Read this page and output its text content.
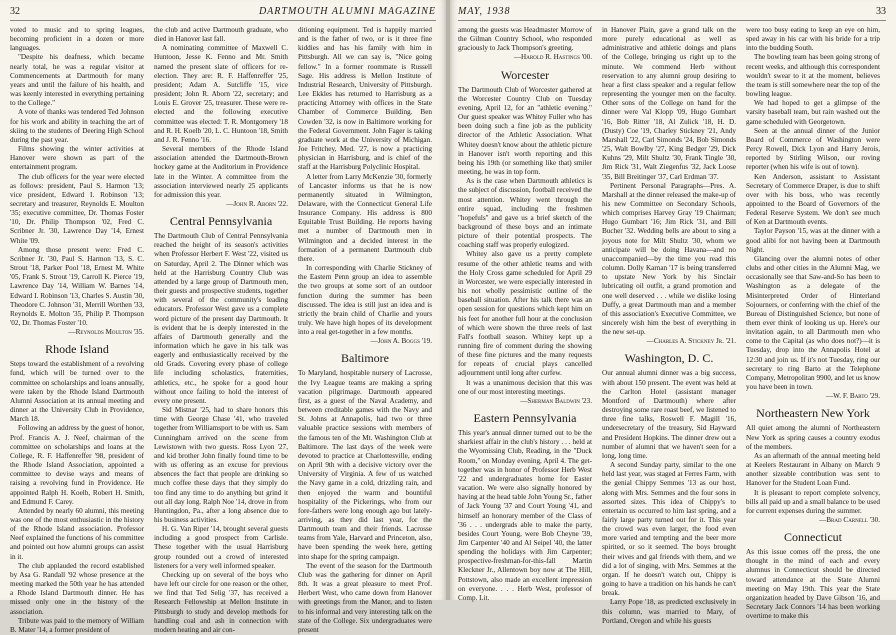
32	DARTMOUTH ALUMNI MAGAZINE

voted to music and to spring leagues, becoming proficient in a dozen or more languages.

"Despite his deafness, which became nearly total, he was a regular visitor at Commencements at Dartmouth for many years and until the failure of his health, and was keenly interested in everything pertaining to the College."

A vote of thanks was tendered Ted Johnson for his work and ability in teaching the art of skiing to the students of Deering High School during the past year.

Films showing the winter activities at Hanover were shown as part of the entertainment program.

The club officers for the year were elected as follows: president, Paul S. Harmon '13; vice president, Edward I. Robinson '13; secretary and treasurer, Reynolds E. Moulton '35; executive committee, Dr. Thomas Foster '10, Dr. Philip Thompson '02, Fred C. Scribner Jr. '30, Lawrence Day '14, Ernest White '09.

Among those present were: Fred C. Scribner Jr. '30, Paul S. Harmon '13, S. C. Strout '18, Parker Pool '18, Ernest M. White '05, Frank S. Strout '19, Carroll K. Pierce '19, Lawrence Day '14, William W. Barnes '14, Edward I. Robinson '13, Charles S. Austin '30, Theodore C. Johnson '31, Merrill Worthen '33, Reynolds E. Molton '35, Philip P. Thompson '02, Dr. Thomas Foster '10.

—Reynolds Moulton '35.

Rhode Island

Steps toward the establishment of a revolving fund, which will be turned over to the committee on scholarships and loans annually, were taken by the Rhode Island Dartmouth Alumni Association at its annual meeting and dinner at the University Club in Providence, March 18.

Following an address by the guest of honor, Prof. Francis A. J. Neef, chairman of the committee on scholarships and loans at the College, R. F. Haffenreffer '98, president of the Rhode Island Association, appointed a committee to devise ways and means of raising a revolving fund in Providence. He appointed Ralph H. Koelb, Robert H. Smith, and Edmund F. Carey.

Attended by nearly 60 alumni, this meeting was one of the most enthusiastic in the history of the Rhode Island association. Professor Neef explained the functions of his committee and pointed out how alumni groups can assist in it.

The club applauded the record established by Asa G. Randall '92 whose presence at the meeting marked the 50th year he has attended a Rhode Island Dartmouth dinner. He has missed only one in the history of the association.

Tribute was paid to the memory of William B. Mater '14, a former president of

the club and active Dartmouth graduate, who died in Hanover last fall.

A nominating committee of Maxwell C. Huntoon, Jesse K. Fenno and Mr. Smith named the present slate of officers for re-election. They are: R. F. Haffenreffer '25, president; Adam A. Sutcliffe '15, vice president; John R. Aborn '22, secretary; and Louis E. Grover '25, treasurer. These were re-elected and the following executive committee was elected: T. R. Montgomery '18 and R. H. Koelb '20, L. C. Huntoon '18, Smith and J. R. Fenno '16.

Several members of the Rhode Island association attended the Dartmouth-Brown hockey game at the Auditorium in Providence late in the Winter. A committee from the association interviewed nearly 25 applicants for admission this year.

—John R. Aborn '22.

Central Pennsylvania

The Dartmouth Club of Central Pennsylvania reached the height of its season's activities when Professor Herbert F. West '22, visited us on Saturday, April 2. The Dinner which was held at the Harrisburg Country Club was attended by a large group of Dartmouth men, their guests and prospective students, together with several of the community's leading educators. Professor West gave us a complete word picture of the present day Dartmouth. It is evident that he is deeply interested in the affairs of Dartmouth generally and the information which he gave in his talk was eagerly and enthusiastically received by the old Grads. Covering every phase of college life including scholastics, fraternities, athletics, etc., he spoke for a good hour without once failing to hold the interest of every one present.

Sid Mistnar '25, had to share honors this time with George Chase '41, who traveled together from Williamsport to be with us. Sam Cunningham arrived on the scene from Lewistown with two guests. Ross Lyon '27, and kid brother John finally found time to be with us offering as an excuse for previous absences the fact that people are drinking so much coffee these days that they simply do too find any time to do anything but grind it out all day long. Ralph Noe '14, drove in from Huntingdon, Pa., after a long absence due to his business activities.

H. G. Van Riper '14, brought several guests including a good prospect from Carlisle. These together with the usual Harrisburg group rounded out a crowd of interested listeners for a very well informed speaker.

Checking up on several of the boys who have left our circle for one reason or the other, we find that Ted Selig '37, has received a Research Fellowship at Mellon Institute in Pittsburgh to study and develop methods for handling coal and ash in connection with modern heating and air con-

ditioning equipment. Ted is happily married and is the father of two, or is it three fine kiddies and has his family with him in Pittsburgh. All we can say is, "Nice going fellow." In a former roommate is Russell Sage. His address is Mellon Institute of Industrial Research, University of Pittsburgh. Lee Ekkles has returned to Harrisburg as a practicing Attorney with offices in the State Chamber of Commerce Building. Ben Cowden '32, is now in Baltimore working for the Federal Government. John Fager is taking graduate work at the University of Michigan. Joe Fritchey, Med. '27, is now a practicing physician in Harrisburg, and is chief of the staff at the Harrisburg Polyclinic Hospital.

A letter from Larry McKenzie '30, formerly of Lancaster informs us that he is now permanently situated in Wilmington, Delaware, with the Connecticut General Life Insurance Company. His address is 800 Equitable Trust Building. He reports having met a number of Dartmouth men in Wilmington and a decided interest in the formation of a permanent Dartmouth club there.

In corresponding with Charlie Stickney of the Eastern Penn group an idea to assemble the two groups at some sort of an outdoor function during the summer has been discussed. The idea is still just an idea and is strictly the brain child of Charlie and yours truly. We have high hopes of its development into a real get-together in a few months.

—John A. Boggs '19.

Baltimore

To Maryland, hospitable nursery of Lacrosse, the Ivy League teams are making a spring vacation pilgrimage. Dartmouth appeared first, as a guest of the Naval Academy, and between creditable games with the Navy and St. Johns at Annapolis, had two or three valuable practice sessions with members of the famous ten of the Mt. Washington Club at Baltimore. The last days of the week were devoted to practice at Charlottesville, ending on April 9th with a decisive victory over the University of Virginia. A few of us watched the Navy game in a cold, drizzling rain, and then enjoyed the warm and bountiful hospitality of the Pickerings, who from our fore-fathers were long enough ago but lately-arriving, as they did last year, for the Dartmouth team and their friends. Lacrosse teams from Yale, Harvard and Princeton, also, have been spending the week here, getting into shape for the spring campaign.

The event of the season for the Dartmouth Club was the gathering for dinner on April 8th. It was a great pleasure to meet Prof. Herbert West, who came down from Hanover with greetings from the Manor, and to listen to his informal and very interesting talk on the state of the College. Six undergraduates were present

MAY, 1938	33

among the guests was Headmaster Morrow of the Gilman Country School, who responded graciously to Jack Thompson's greeting.

—Harold R. Hastings '00.

Worcester

The Dartmouth Club of Worcester gathered at the Worcester Country Club on Tuesday evening, April 12, for an "athletic evening." Our guest speaker was Whitey Fuller who has been doing such a fine job as the publicity director of the Athletic Association. What Whitey doesn't know about the athletic picture in Hanover isn't worth reporting and this being his 19th (or something like that) smiler meeting, he was in top form.

As is the case when Dartmouth athletics is the subject of discussion, football received the most attention. Whitey went through the entire squad, including the freshmen "hopefuls" and gave us a brief sketch of the background of these boys and an intimate picture of their potential prospects. The coaching staff was properly eulogized.

Whitey also gave us a pretty complete resume of the other athletic teams and with the Holy Cross game scheduled for April 29 in Worcester, we were especially interested in his not wholly pessimistic outline of the baseball situation. After his talk there was an open session for questions which kept him on his feet for another full hour at the conclusion of which were shown the three reels of last Fall's football season. Whitey kept up a running fire of comment during the showing of these fine pictures and the many requests for repeats of crucial plays cancelled adjournment until long after curfew.

It was a unanimous decision that this was one of our most interesting meetings.

—Sherman Baldwin '23.

Eastern Pennsylvania

This year's annual dinner turned out to be the sharkiest affair in the club's history . . . held at the Wyomissing Club, Reading, in the "Duck Room," on Monday evening, April 4. The get-together was in honor of Professor Herb West '22 and undergraduates home for Easter vacation. We were also signally honored by having at the head table John Young Sr., father of Jack Young '37 and Court Young '41, and himself an honorary member of the Class of '36 . . . undergrads able to make the party, besides Court Young, were Bob Cheyne '39, Jim Carpenter '40 and Al Seipel '40, the latter spending the holidays with Jim Carpenter; prospective-freshman-for-this-fall Martin Kleckner Jr., Allentown boy now at The Hill, Pottstown, also made an excellent impression on everyone. . . . Herb West, professor of Comp. Lit.

in Hanover Plain, gave a grand talk on the more purely educational as well as administrative and athletic doings and plans of the College, bringing us right up to the minute. We commend Herb without reservation to any alumni group desiring to hear a first class speaker and a regular fellow representing the younger men on the faculty. Other sons of the College on hand for the dinner were Val Klopp '09, Hugo Gumbart '16, Bob Ritter '18, Al Zulick '18, H. D. (Dusty) Coe '19, Charley Stickney '21, Andy Marshall '22, Carl Simonds '24, Bob Simonds '25, Walt Bowlby '27, King Bedger '29, Dick Kuhns '29, Milt Shultz '30, Frank Tingle '30, Jim Rick '31, Walt Ziegenfus '32, Jack Loose '35, Bill Breitinger '37, Carl Erdman '37.

Pertinent Personal Paragraphs—Pres. A. Marshall at the dinner released the make-up of his new Committee on Secondary Schools, which comprises Harvey Gray '19 Chairman; Hugo Gumbart '16; Jim Rick '31, and Bill Bucher '32. Wedding bells are about to sing a joyous note for Milt Shultz '30, whom we anticipate will be doing Havana—and no unaccompanied—by the time you read this column. Dolly Karnan '17 is being transferred to upstate New York by his Sinclair lubricating oil outfit, a grand promotion and one well deserved . . . while we dislike losing Duffy, a great Dartmouth man and a member of this association's Executive Committee, we sincerely wish him the best of everything in the new set-up.

—Charles A. Stickney Jr. '21.

Washington, D. C.

Our annual alumni dinner was a big success, with about 150 present. The event was held at the Carlton Hotel (assistant manager Montford of Dartmouth) where after destroying some rare roast beef, we listened to three fine talks, Roswell F. Magill '16, undersecretary of the treasury, Sid Hayward and President Hopkins. The dinner drew out a number of alumni that we haven't seen for a long, long time.

A second Sunday party, similar to the one held last year, was staged at Ferres Farm, with the genial Chippy Semmes '13 as our host, along with Mrs. Semmes and the four sons in assorted sizes. This idea of Chippy's to entertain us occurred to him last spring, and a fairly large party turned out for it. This year the crowd was even larger, the food even more varied and tempting and the beer more spirited, or so it seemed. The boys brought their wives and gal friends with them, and we did a lot of singing, with Mrs. Semmes at the organ. If he doesn't watch out, Chippy is going to have a tradition on his hands he can't break.

Larry Pope '18, as predicted exclusively in this column, was married to Mary, of Portland, Oregon and while his guests

were too busy eating to keep an eye on him, sped away in his car with his bride for a trip into the budding South.

The bowling team has been going strong of recent weeks, and although this correspondent wouldn't swear to it at the moment, believes the team is still somewhere near the top of the bowling league.

We had hoped to get a glimpse of the varsity baseball team, but rain washed out the game scheduled with Georgetown.

Seen at the annual dinner of the Junior Board of Commerce of Washington were Percy Rowell, Dick Lyon and Harry Jerois, reported by Stirling Wilson, our roving reporter (when his wife is out of town).

Ken Anderson, assistant to Assistant Secretary of Commerce Draper, is due to shift over with his boss, who was recently appointed to the Board of Governors of the Federal Reserve System. We don't see much of Ken at Dartmouth events.

Taylor Payson '15, was at the dinner with a good alibi for not having been at Dartmouth Night.

Glancing over the alumni notes of other clubs and other cities in the Alumni Mag, we occasionally see that Saw-and-So has been to Washington as a delegate of the Misinterpreted Order of Hinterland Sojourners, or conferring with the chief of the Bureau of Distinguished Science, but none of them ever think of looking us up. Here's our invitation again, to all Dartmouth men who come to the Capital (as who does not?)—it is Tuesday, drop into the Annapolis Hotel at 12:30 and join us. If it's not Tuesday, ring our secretary to ring Barto at the Telephone Company, Metropolitan 9900, and let us know you have been in town.

—W. F. Barto '29.

Northeastern New York

All quiet among the alumni of Northeastern New York as spring causes a country exodus of the members.

As an aftermath of the annual meeting held at Keelers Restaurant in Albany on March 9 another sizeable contribution was sent to Hanover for the Student Loan Fund.

It is pleasant to report complete solvency, bills all paid up and a small balance to be used for current expenses during the summer.

—Brad Carnell '30.

Connecticut

As this issue comes off the press, the one thought in the mind of each and every alumnus in Connecticut should be directed toward attendance at the State Alumni meeting on May 19th. This year the State organization headed by Dave Gibson '16, and Secretary Jack Connors '14 has been working overtime to make this
